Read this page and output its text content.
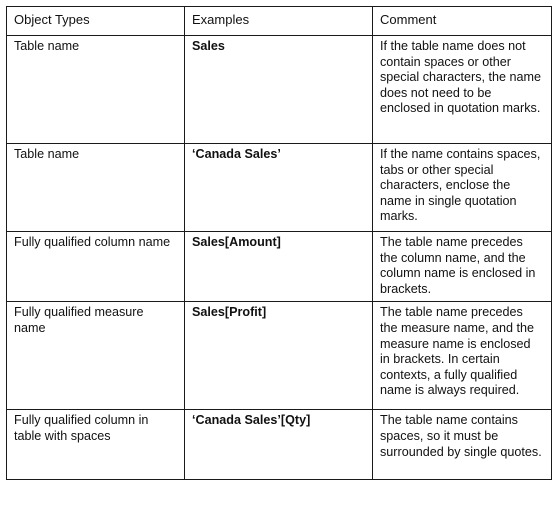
Object Types	Examples	Comment
Table name	Sales	If the table name does not contain spaces or other special characters, the name does not need to be enclosed in quotation marks.
Table name	‘Canada Sales’	If the name contains spaces, tabs or other special characters, enclose the name in single quotation marks.
Fully qualified column name	Sales[Amount]	The table name precedes the column name, and the column name is enclosed in brackets.
Fully qualified measure name	Sales[Profit]	The table name precedes the measure name, and the measure name is enclosed in brackets. In certain contexts, a fully qualified name is always required.
Fully qualified column in table with spaces	‘Canada Sales’[Qty]	The table name contains spaces, so it must be surrounded by single quotes.
